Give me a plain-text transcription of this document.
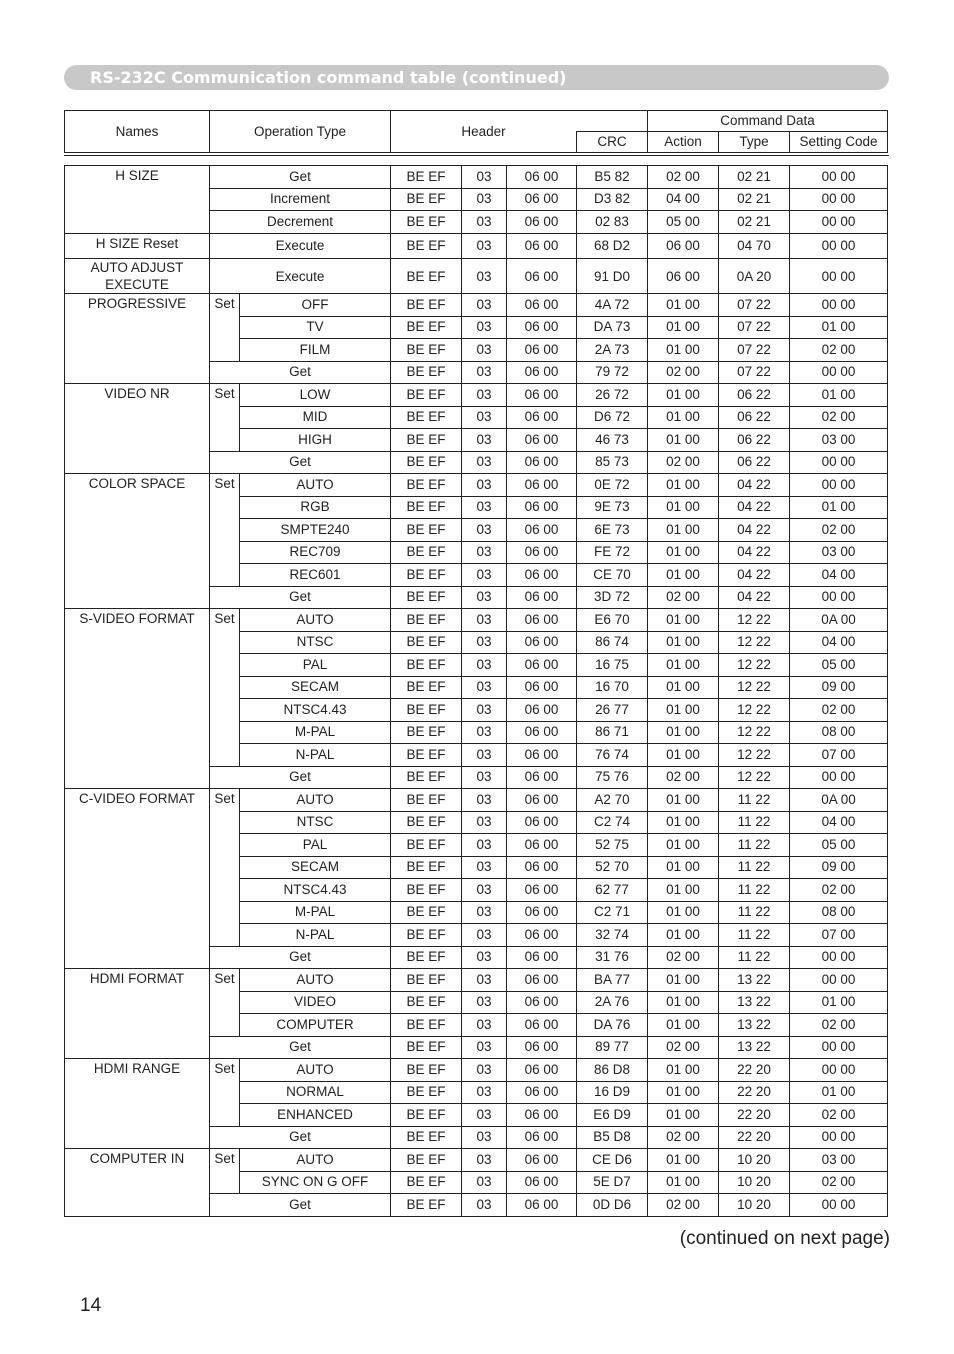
RS-232C Communication command table (continued)
Names	Operation Type	Header		Command Data		
			CRC	Action	Type	Setting Code
H SIZE	Get		BE EF	03	06 00	B5 82	02 00	02 21	00 00
	Increment		BE EF	03	06 00	D3 82	04 00	02 21	00 00
	Decrement		BE EF	03	06 00	02 83	05 00	02 21	00 00
H SIZE Reset	Execute		BE EF	03	06 00	68 D2	06 00	04 70	00 00
AUTO ADJUST EXECUTE	Execute		BE EF	03	06 00	91 D0	06 00	0A 20	00 00
PROGRESSIVE	Set	OFF	BE EF	03	06 00	4A 72	01 00	07 22	00 00
		TV	BE EF	03	06 00	DA 73	01 00	07 22	01 00
		FILM	BE EF	03	06 00	2A 73	01 00	07 22	02 00
	Get		BE EF	03	06 00	79 72	02 00	07 22	00 00
VIDEO NR	Set	LOW	BE EF	03	06 00	26 72	01 00	06 22	01 00
		MID	BE EF	03	06 00	D6 72	01 00	06 22	02 00
		HIGH	BE EF	03	06 00	46 73	01 00	06 22	03 00
	Get		BE EF	03	06 00	85 73	02 00	06 22	00 00
COLOR SPACE	Set	AUTO	BE EF	03	06 00	0E 72	01 00	04 22	00 00
		RGB	BE EF	03	06 00	9E 73	01 00	04 22	01 00
		SMPTE240	BE EF	03	06 00	6E 73	01 00	04 22	02 00
		REC709	BE EF	03	06 00	FE 72	01 00	04 22	03 00
		REC601	BE EF	03	06 00	CE 70	01 00	04 22	04 00
	Get		BE EF	03	06 00	3D 72	02 00	04 22	00 00
S-VIDEO FORMAT	Set	AUTO	BE EF	03	06 00	E6 70	01 00	12 22	0A 00
		NTSC	BE EF	03	06 00	86 74	01 00	12 22	04 00
		PAL	BE EF	03	06 00	16 75	01 00	12 22	05 00
		SECAM	BE EF	03	06 00	16 70	01 00	12 22	09 00
		NTSC4.43	BE EF	03	06 00	26 77	01 00	12 22	02 00
		M-PAL	BE EF	03	06 00	86 71	01 00	12 22	08 00
		N-PAL	BE EF	03	06 00	76 74	01 00	12 22	07 00
	Get		BE EF	03	06 00	75 76	02 00	12 22	00 00
C-VIDEO FORMAT	Set	AUTO	BE EF	03	06 00	A2 70	01 00	11 22	0A 00
		NTSC	BE EF	03	06 00	C2 74	01 00	11 22	04 00
		PAL	BE EF	03	06 00	52 75	01 00	11 22	05 00
		SECAM	BE EF	03	06 00	52 70	01 00	11 22	09 00
		NTSC4.43	BE EF	03	06 00	62 77	01 00	11 22	02 00
		M-PAL	BE EF	03	06 00	C2 71	01 00	11 22	08 00
		N-PAL	BE EF	03	06 00	32 74	01 00	11 22	07 00
	Get		BE EF	03	06 00	31 76	02 00	11 22	00 00
HDMI FORMAT	Set	AUTO	BE EF	03	06 00	BA 77	01 00	13 22	00 00
		VIDEO	BE EF	03	06 00	2A 76	01 00	13 22	01 00
		COMPUTER	BE EF	03	06 00	DA 76	01 00	13 22	02 00
	Get		BE EF	03	06 00	89 77	02 00	13 22	00 00
HDMI RANGE	Set	AUTO	BE EF	03	06 00	86 D8	01 00	22 20	00 00
		NORMAL	BE EF	03	06 00	16 D9	01 00	22 20	01 00
		ENHANCED	BE EF	03	06 00	E6 D9	01 00	22 20	02 00
	Get		BE EF	03	06 00	B5 D8	02 00	22 20	00 00
COMPUTER IN	Set	AUTO	BE EF	03	06 00	CE D6	01 00	10 20	03 00
		SYNC ON G OFF	BE EF	03	06 00	5E D7	01 00	10 20	02 00
	Get		BE EF	03	06 00	0D D6	02 00	10 20	00 00
(continued on next page)
14
